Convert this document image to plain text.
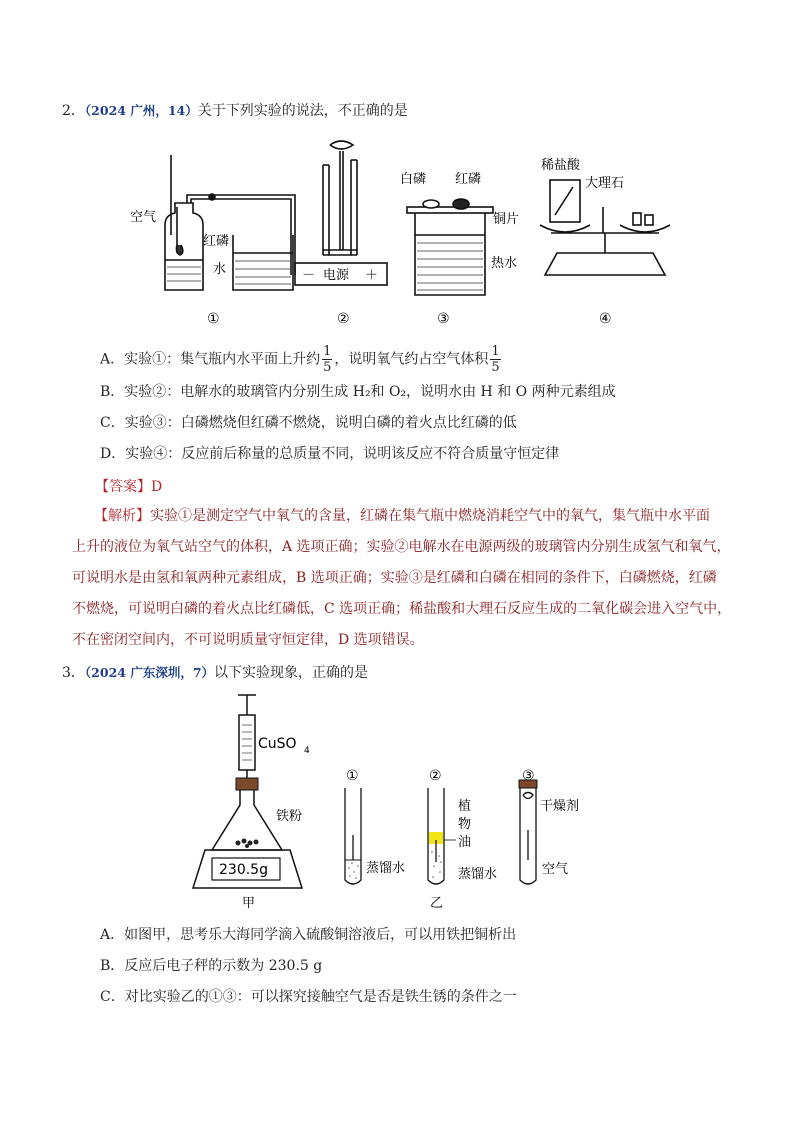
2．（2024 广州，14）关于下列实验的说法，不正确的是
空气
红磷
水	－ 电源 ＋
白磷 红磷
铜片
热水
稀盐酸
大理石
①	②	③	④
A．实验①：集气瓶内水平面上升约 $\frac{1}{5}$ ，说明氧气约占空气体积 $\frac{1}{5}$
B．实验②：电解水的玻璃管内分别生成 H₂和 O₂，说明水由 H 和 O 两种元素组成
C．实验③：白磷燃烧但红磷不燃烧，说明白磷的着火点比红磷的低
D．实验④：反应前后称量的总质量不同，说明该反应不符合质量守恒定律
【答案】D
【解析】实验①是测定空气中氧气的含量，红磷在集气瓶中燃烧消耗空气中的氧气，集气瓶中水平面
上升的液位为氧气站空气的体积，A 选项正确；实验②电解水在电源两级的玻璃管内分别生成氢气和氧气，
可说明水是由氢和氧两种元素组成，B 选项正确；实验③是红磷和白磷在相同的条件下，白磷燃烧，红磷
不燃烧，可说明白磷的着火点比红磷低，C 选项正确；稀盐酸和大理石反应生成的二氧化碳会进入空气中，
不在密闭空间内，不可说明质量守恒定律，D 选项错误。
3．（2024 广东深圳，7）以下实验现象，正确的是
CuSO 4
铁粉
230.5g
甲
①
蒸馏水
②
植
物
油
蒸馏水
③
干燥剂
空气
乙
A．如图甲，思考乐大海同学滴入硫酸铜溶液后，可以用铁把铜析出
B．反应后电子秤的示数为 230.5 g
C．对比实验乙的①③：可以探究接触空气是否是铁生锈的条件之一
